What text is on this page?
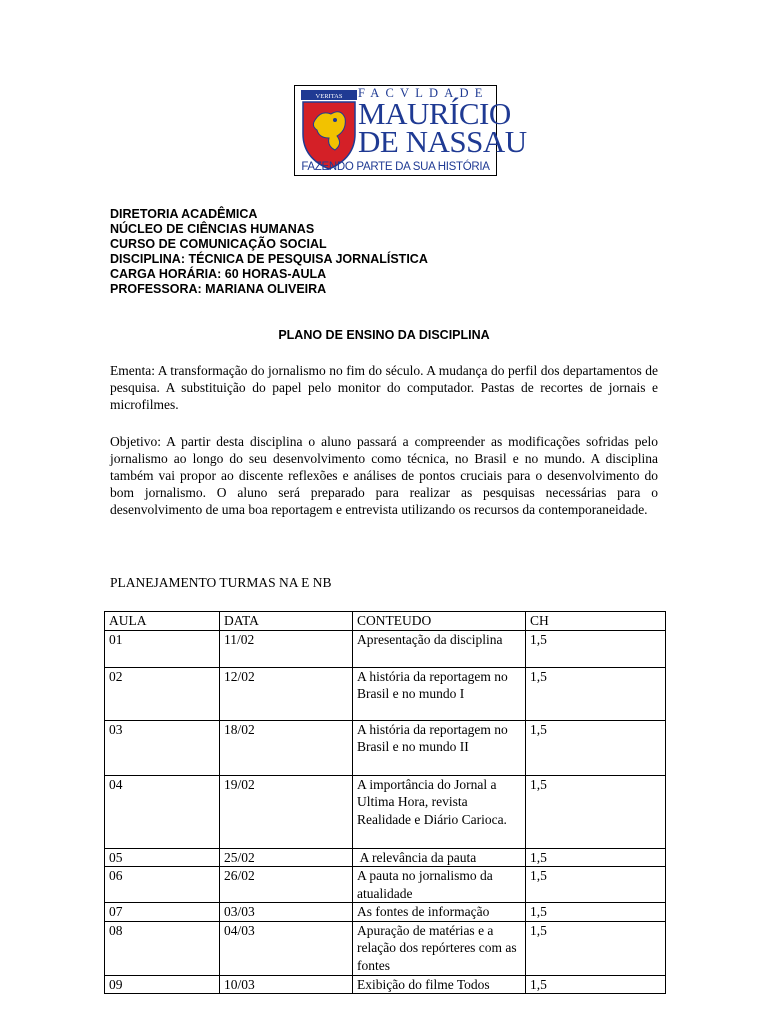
VERITAS FACVLDADE
MAURÍCIO
DE NASSAU
FAZENDO PARTE DA SUA HISTÓRIA
DIRETORIA ACADÊMICA
NÚCLEO DE CIÊNCIAS HUMANAS
CURSO DE COMUNICAÇÃO SOCIAL
DISCIPLINA: TÉCNICA DE PESQUISA JORNALÍSTICA
CARGA HORÁRIA: 60 HORAS-AULA
PROFESSORA: MARIANA OLIVEIRA
PLANO DE ENSINO DA DISCIPLINA
Ementa: A transformação do jornalismo no fim do século. A mudança do perfil dos departamentos de pesquisa. A substituição do papel pelo monitor do computador. Pastas de recortes de jornais e microfilmes.
Objetivo: A partir desta disciplina o aluno passará a compreender as modificações sofridas pelo jornalismo ao longo do seu desenvolvimento como técnica, no Brasil e no mundo. A disciplina também vai propor ao discente reflexões e análises de pontos cruciais para o desenvolvimento do bom jornalismo. O aluno será preparado para realizar as pesquisas necessárias para o desenvolvimento de uma boa reportagem e entrevista utilizando os recursos da contemporaneidade.
PLANEJAMENTO TURMAS NA E NB
AULA	DATA	CONTEUDO	CH
01	11/02	Apresentação da disciplina	1,5
02	12/02	A história da reportagem no Brasil e no mundo I	1,5
03	18/02	A história da reportagem no Brasil e no mundo II	1,5
04	19/02	A importância do Jornal a Ultima Hora, revista Realidade e Diário Carioca.	1,5
05	25/02	A relevância da pauta	1,5
06	26/02	A pauta no jornalismo da atualidade	1,5
07	03/03	As fontes de informação	1,5
08	04/03	Apuração de matérias e a relação dos repórteres com as fontes	1,5
09	10/03	Exibição do filme Todos	1,5
